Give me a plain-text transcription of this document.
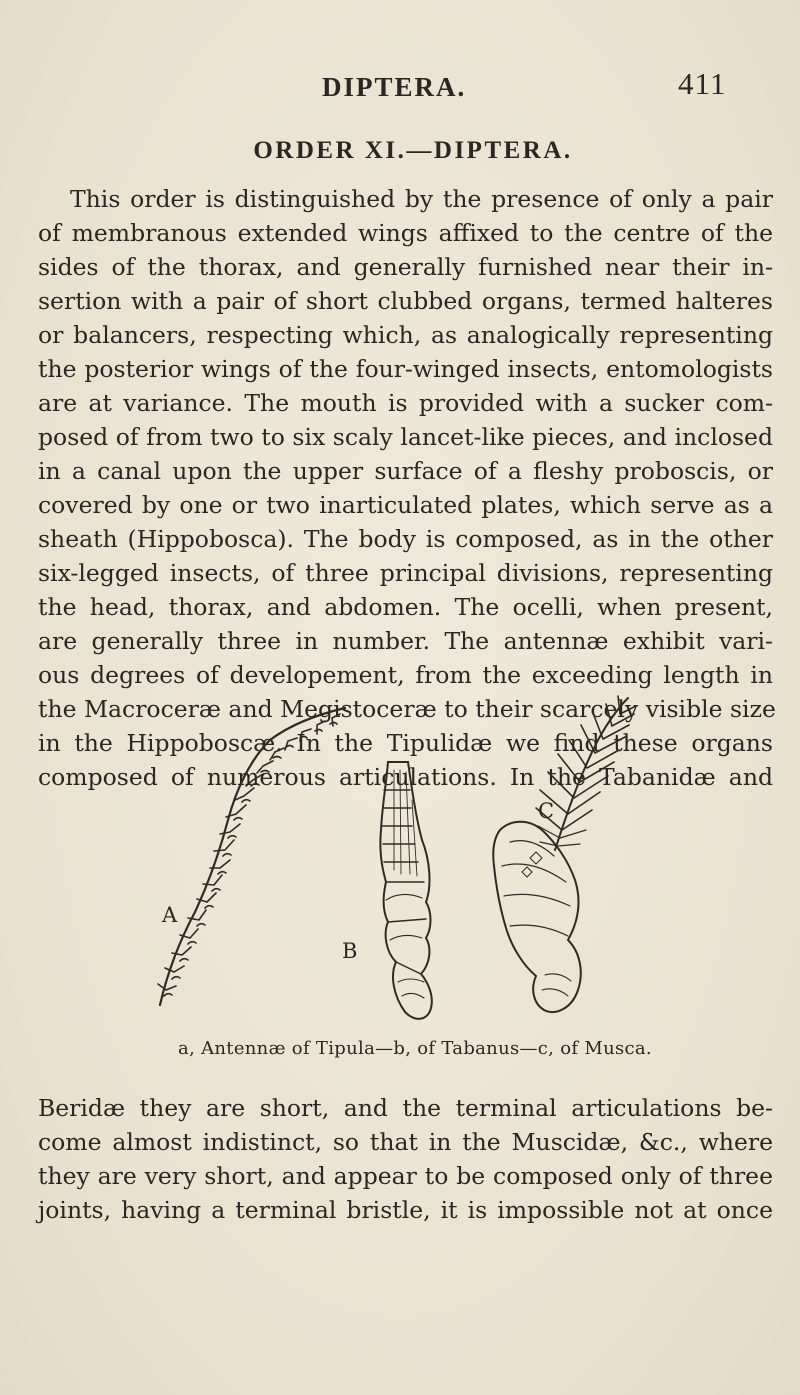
DIPTERA.	411
ORDER XI.—DIPTERA.
This order is distinguished by the presence of only a pair
of membranous extended wings affixed to the centre of the
sides of the thorax, and generally furnished near their in-
sertion with a pair of short clubbed organs, termed halteres
or balancers, respecting which, as analogically representing
the posterior wings of the four-winged insects, entomologists
are at variance. The mouth is provided with a sucker com-
posed of from two to six scaly lancet-like pieces, and inclosed
in a canal upon the upper surface of a fleshy proboscis, or
covered by one or two inarticulated plates, which serve as a
sheath (Hippobosca). The body is composed, as in the other
six-legged insects, of three principal divisions, representing
the head, thorax, and abdomen. The ocelli, when present,
are generally three in number. The antennæ exhibit vari-
ous degrees of developement, from the exceeding length in
the Macroceræ and Megistoceræ to their scarcely visible size
in the Hippoboscæ. In the Tipulidæ we find these organs
composed of numerous articulations. In the Tabanidæ and
A
B
C
a, Antennæ of Tipula—b, of Tabanus—c, of Musca.
Beridæ they are short, and the terminal articulations be-
come almost indistinct, so that in the Muscidæ, &c., where
they are very short, and appear to be composed only of three
joints, having a terminal bristle, it is impossible not at once
